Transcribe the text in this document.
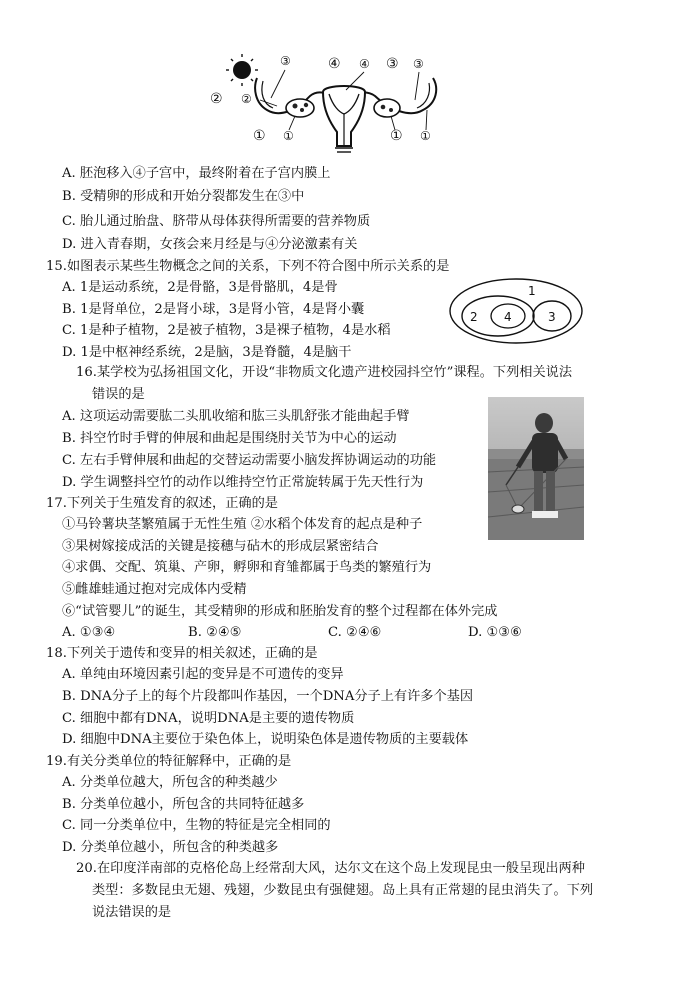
③	④ ④ ③ ③
② ②
① ①	① ①
A. 胚泡移入④子宫中，最终附着在子宫内膜上
B. 受精卵的形成和开始分裂都发生在③中
C. 胎儿通过胎盘、脐带从母体获得所需要的营养物质
D. 进入青春期，女孩会来月经是与④分泌激素有关
15.如图表示某些生物概念之间的关系，下列不符合图中所示关系的是
A. 1是运动系统，2是骨骼，3是骨骼肌，4是骨
B. 1是肾单位，2是肾小球，3是肾小管，4是肾小囊
C. 1是种子植物，2是被子植物，3是裸子植物，4是水稻
D. 1是中枢神经系统，2是脑，3是脊髓，4是脑干
1
2 4	3
16.某学校为弘扬祖国文化，开设“非物质文化遗产进校园抖空竹”课程。下列相关说法
错误的是
A. 这项运动需要肱二头肌收缩和肱三头肌舒张才能曲起手臂
B. 抖空竹时手臂的伸展和曲起是围绕肘关节为中心的运动
C. 左右手臂伸展和曲起的交替运动需要小脑发挥协调运动的功能
D. 学生调整抖空竹的动作以维持空竹正常旋转属于先天性行为
17.下列关于生殖发育的叙述，正确的是
①马铃薯块茎繁殖属于无性生殖 ②水稻个体发育的起点是种子
③果树嫁接成活的关键是接穗与砧木的形成层紧密结合
④求偶、交配、筑巢、产卵，孵卵和育雏都属于鸟类的繁殖行为
⑤雌雄蛙通过抱对完成体内受精
⑥“试管婴儿”的诞生，其受精卵的形成和胚胎发育的整个过程都在体外完成
A. ①③④	B. ②④⑤	C. ②④⑥	D. ①③⑥
18.下列关于遗传和变异的相关叙述，正确的是
A. 单纯由环境因素引起的变异是不可遗传的变异
B. DNA分子上的每个片段都叫作基因，一个DNA分子上有许多个基因
C. 细胞中都有DNA，说明DNA是主要的遗传物质
D. 细胞中DNA主要位于染色体上，说明染色体是遗传物质的主要载体
19.有关分类单位的特征解释中，正确的是
A. 分类单位越大，所包含的种类越少
B. 分类单位越小，所包含的共同特征越多
C. 同一分类单位中，生物的特征是完全相同的
D. 分类单位越小，所包含的种类越多
20.在印度洋南部的克格伦岛上经常刮大风，达尔文在这个岛上发现昆虫一般呈现出两种
类型：多数昆虫无翅、残翅，少数昆虫有强健翅。岛上具有正常翅的昆虫消失了。下列
说法错误的是
